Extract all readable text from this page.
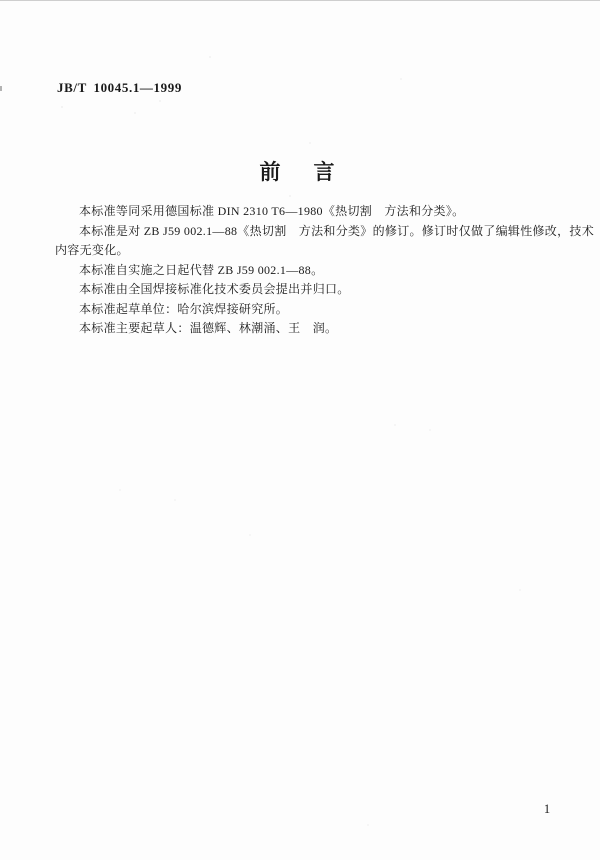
JB/T 10045.1—1999
前　言
本标准等同采用德国标准 DIN 2310 T6—1980《热切割　方法和分类》。
本标准是对 ZB J59 002.1—88《热切割　方法和分类》的修订。修订时仅做了编辑性修改，技术
内容无变化。
本标准自实施之日起代替 ZB J59 002.1—88。
本标准由全国焊接标准化技术委员会提出并归口。
本标准起草单位：哈尔滨焊接研究所。
本标准主要起草人：温德辉、林潮涌、王　润。
1
